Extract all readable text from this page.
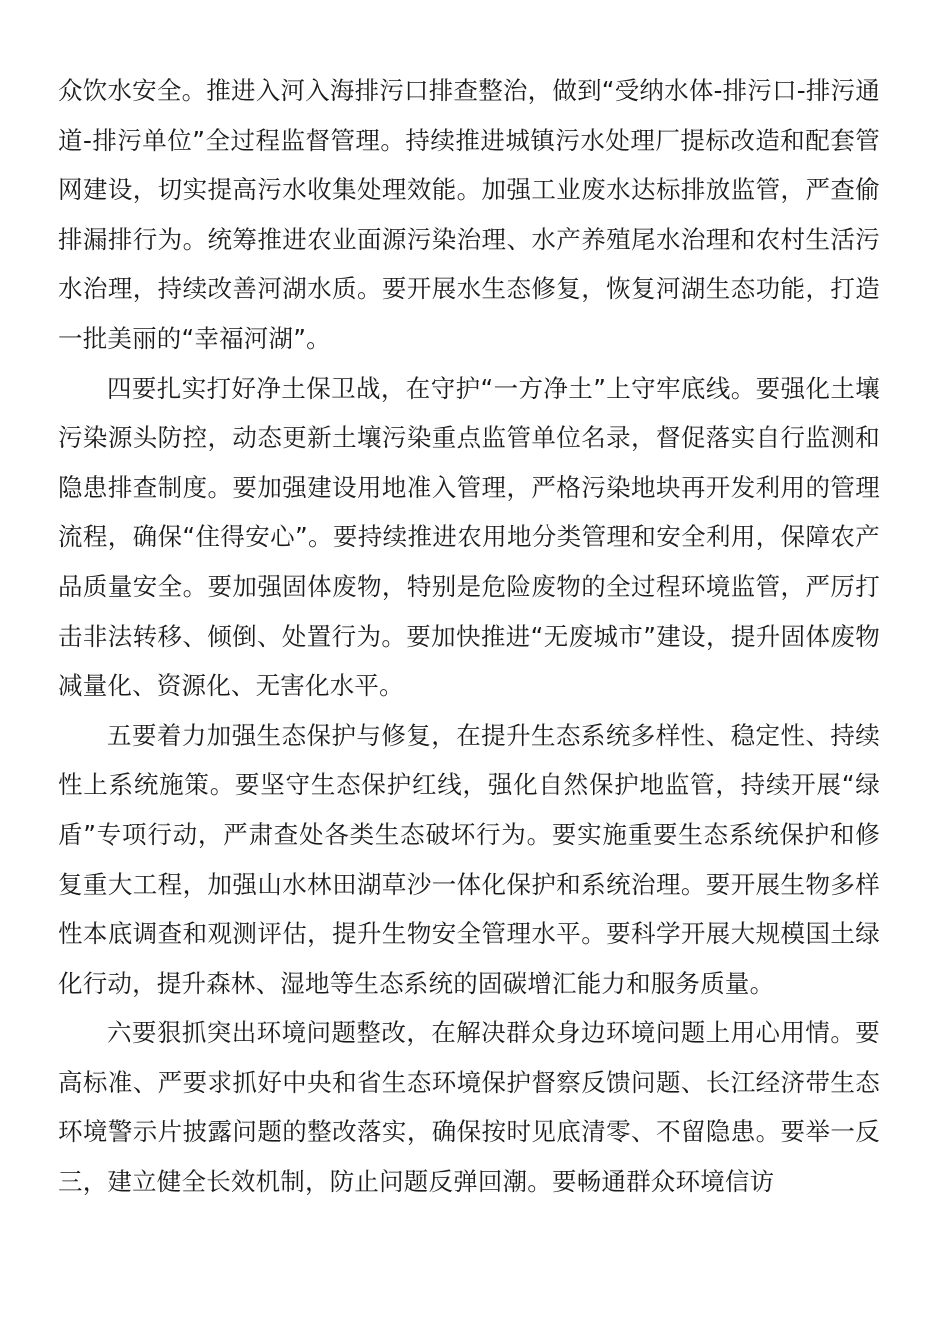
众饮水安全。推进入河入海排污口排查整治，做到“受纳水体-排污口-排污通道-排污单位”全过程监督管理。持续推进城镇污水处理厂提标改造和配套管网建设，切实提高污水收集处理效能。加强工业废水达标排放监管，严查偷排漏排行为。统筹推进农业面源污染治理、水产养殖尾水治理和农村生活污水治理，持续改善河湖水质。要开展水生态修复，恢复河湖生态功能，打造一批美丽的“幸福河湖”。

四要扎实打好净土保卫战，在守护“一方净土”上守牢底线。要强化土壤污染源头防控，动态更新土壤污染重点监管单位名录，督促落实自行监测和隐患排查制度。要加强建设用地准入管理，严格污染地块再开发利用的管理流程，确保“住得安心”。要持续推进农用地分类管理和安全利用，保障农产品质量安全。要加强固体废物，特别是危险废物的全过程环境监管，严厉打击非法转移、倾倒、处置行为。要加快推进“无废城市”建设，提升固体废物减量化、资源化、无害化水平。

五要着力加强生态保护与修复，在提升生态系统多样性、稳定性、持续性上系统施策。要坚守生态保护红线，强化自然保护地监管，持续开展“绿盾”专项行动，严肃查处各类生态破坏行为。要实施重要生态系统保护和修复重大工程，加强山水林田湖草沙一体化保护和系统治理。要开展生物多样性本底调查和观测评估，提升生物安全管理水平。要科学开展大规模国土绿化行动，提升森林、湿地等生态系统的固碳增汇能力和服务质量。

六要狠抓突出环境问题整改，在解决群众身边环境问题上用心用情。要高标准、严要求抓好中央和省生态环境保护督察反馈问题、长江经济带生态环境警示片披露问题的整改落实，确保按时见底清零、不留隐患。要举一反三，建立健全长效机制，防止问题反弹回潮。要畅通群众环境信访
